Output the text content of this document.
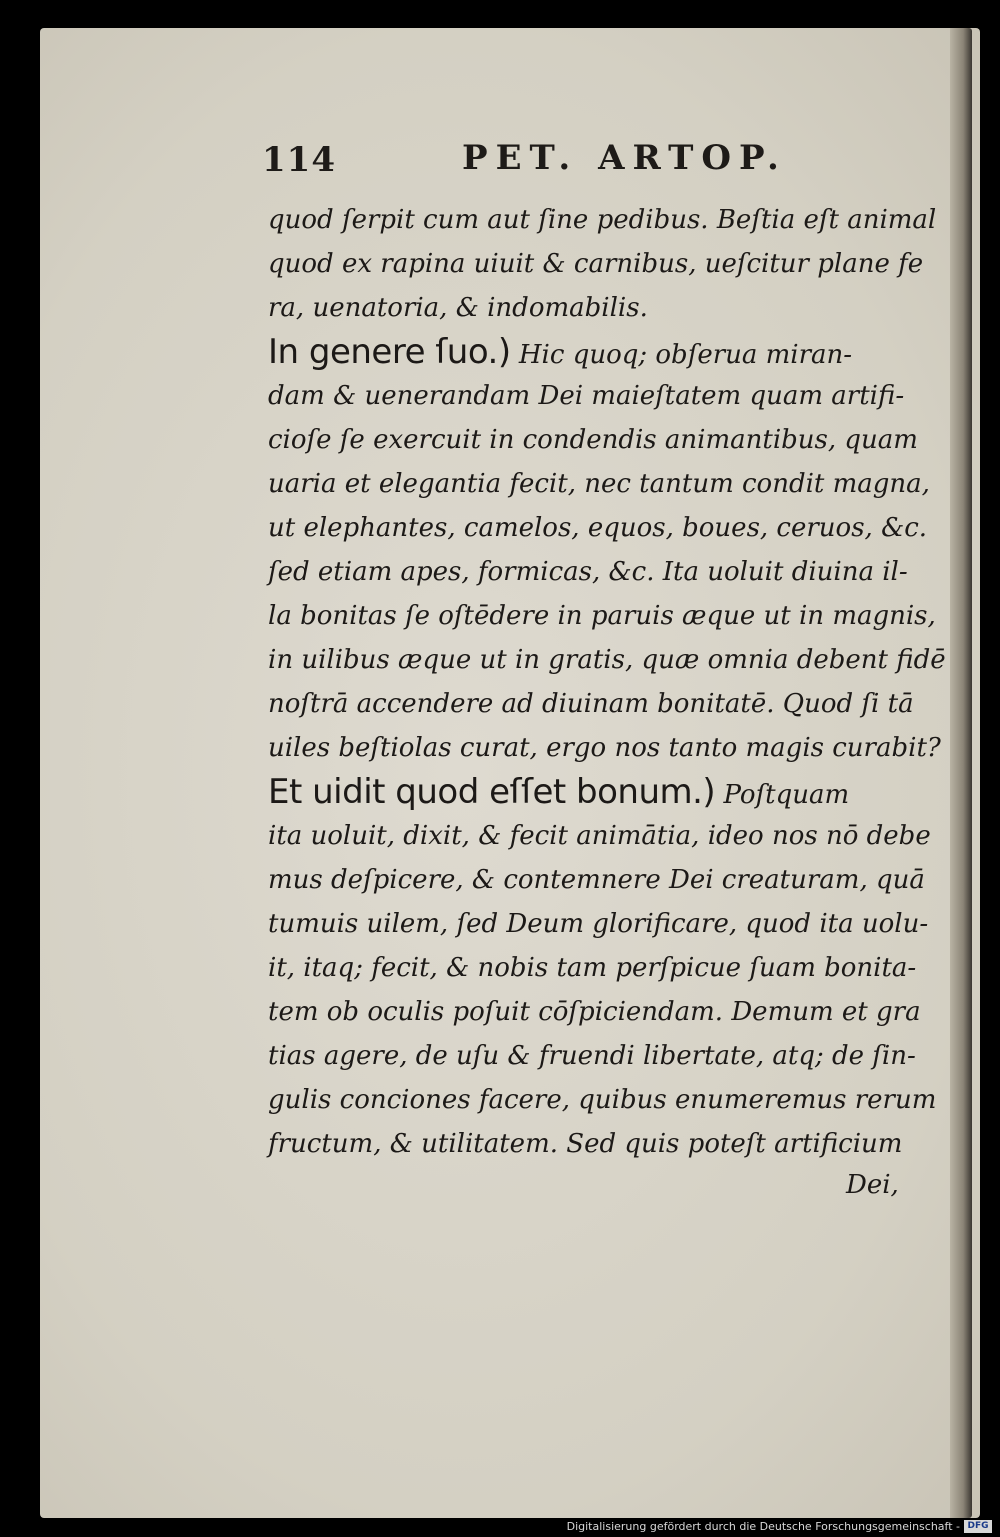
114	PET. ARTOP.
quod ſerpit cum aut ſine pedibus. Beſtia eſt animal
quod ex rapina uiuit & carnibus, ueſcitur plane fe
ra, uenatoria, & indomabilis.
In genere ſuo.) Hic quoq; obſerua miran-
dam & uenerandam Dei maieſtatem quam artifi-
cioſe ſe exercuit in condendis animantibus, quam
uaria et elegantia fecit, nec tantum condit magna,
ut elephantes, camelos, equos, boues, ceruos, &c.
ſed etiam apes, formicas, &c. Ita uoluit diuina il-
la bonitas ſe oſtēdere in paruis æque ut in magnis,
in uilibus æque ut in gratis, quæ omnia debent fidē
noſtrā accendere ad diuinam bonitatē. Quod ſi tā
uiles beſtiolas curat, ergo nos tanto magis curabit?
Et uidit quod eſſet bonum.) Poſtquam
ita uoluit, dixit, & fecit animātia, ideo nos nō debe
mus deſpicere, & contemnere Dei creaturam, quā
tumuis uilem, ſed Deum glorificare, quod ita uolu-
it, itaq; fecit, & nobis tam perſpicue ſuam bonita-
tem ob oculis poſuit cōſpiciendam. Demum et gra
tias agere, de uſu & fruendi libertate, atq; de ſin-
gulis conciones facere, quibus enumeremus rerum
fructum, & utilitatem. Sed quis poteſt artificium
Dei,
Digitalisierung gefördert durch die Deutsche Forschungsgemeinschaft - DFG
